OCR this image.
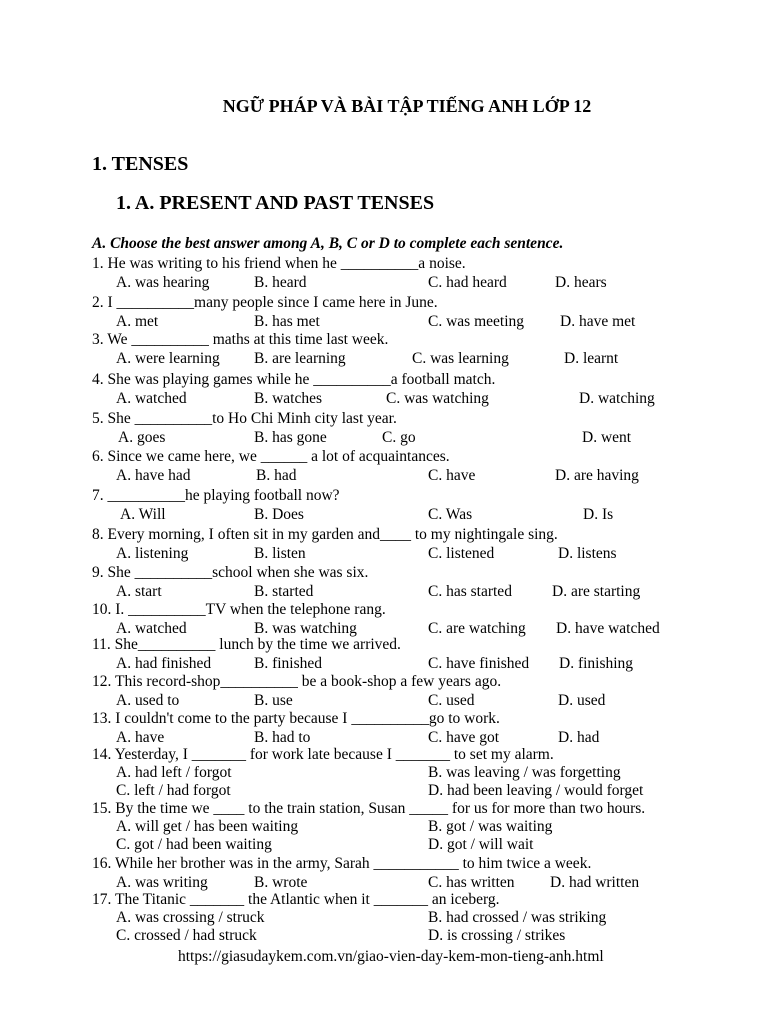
NGỮ PHÁP VÀ BÀI TẬP TIẾNG ANH LỚP 12
1. TENSES
1. A. PRESENT AND PAST TENSES
A. Choose the best answer among A, B, C or D to complete each sentence.
1. He was writing to his friend when he __________a noise.
A. was hearing	B. heard	C. had heard	D. hears
2. I __________many people since I came here in June.
A. met	B. has met	C. was meeting D. have met
3. We __________ maths at this time last week.
A. were learning B. are learning	C. was learning	D. learnt
4. She was playing games while he __________a football match.
A. watched	B. watches	C. was watching	D. watching
5. She __________to Ho Chi Minh city last year.
A. goes	B. has gone	C. go	D. went
6. Since we came here, we ______ a lot of acquaintances.
A. have had	B. had	C. have	D. are having
7. __________he playing football now?
A. Will	B. Does	C. Was	D. Is
8. Every morning, I often sit in my garden and____ to my nightingale sing.
A. listening	B. listen	C. listened	D. listens
9. She __________school when she was six.
A. start	B. started	C. has started	D. are starting
10. I. __________TV when the telephone rang.
A. watched	B. was watching	C. are watching D. have watched
11. She__________ lunch by the time we arrived.
A. had finished	B. finished	C. have finished D. finishing
12. This record-shop__________ be a book-shop a few years ago.
A. used to	B. use	C. used	D. used
13. I couldn't come to the party because I __________go to work.
A. have	B. had to	C. have got	D. had
14. Yesterday, I _______ for work late because I _______ to set my alarm.
A. had left / forgot	B. was leaving / was forgetting
C. left / had forgot	D. had been leaving / would forget
15. By the time we ____ to the train station, Susan _____ for us for more than two hours.
A. will get / has been waiting	B. got / was waiting
C. got / had been waiting	D. got / will wait
16. While her brother was in the army, Sarah ___________ to him twice a week.
A. was writing	B. wrote	C. has written D. had written
17. The Titanic _______ the Atlantic when it _______ an iceberg.
A. was crossing / struck	B. had crossed / was striking
C. crossed / had struck	D. is crossing / strikes
https://giasudaykem.com.vn/giao-vien-day-kem-mon-tieng-anh.html
